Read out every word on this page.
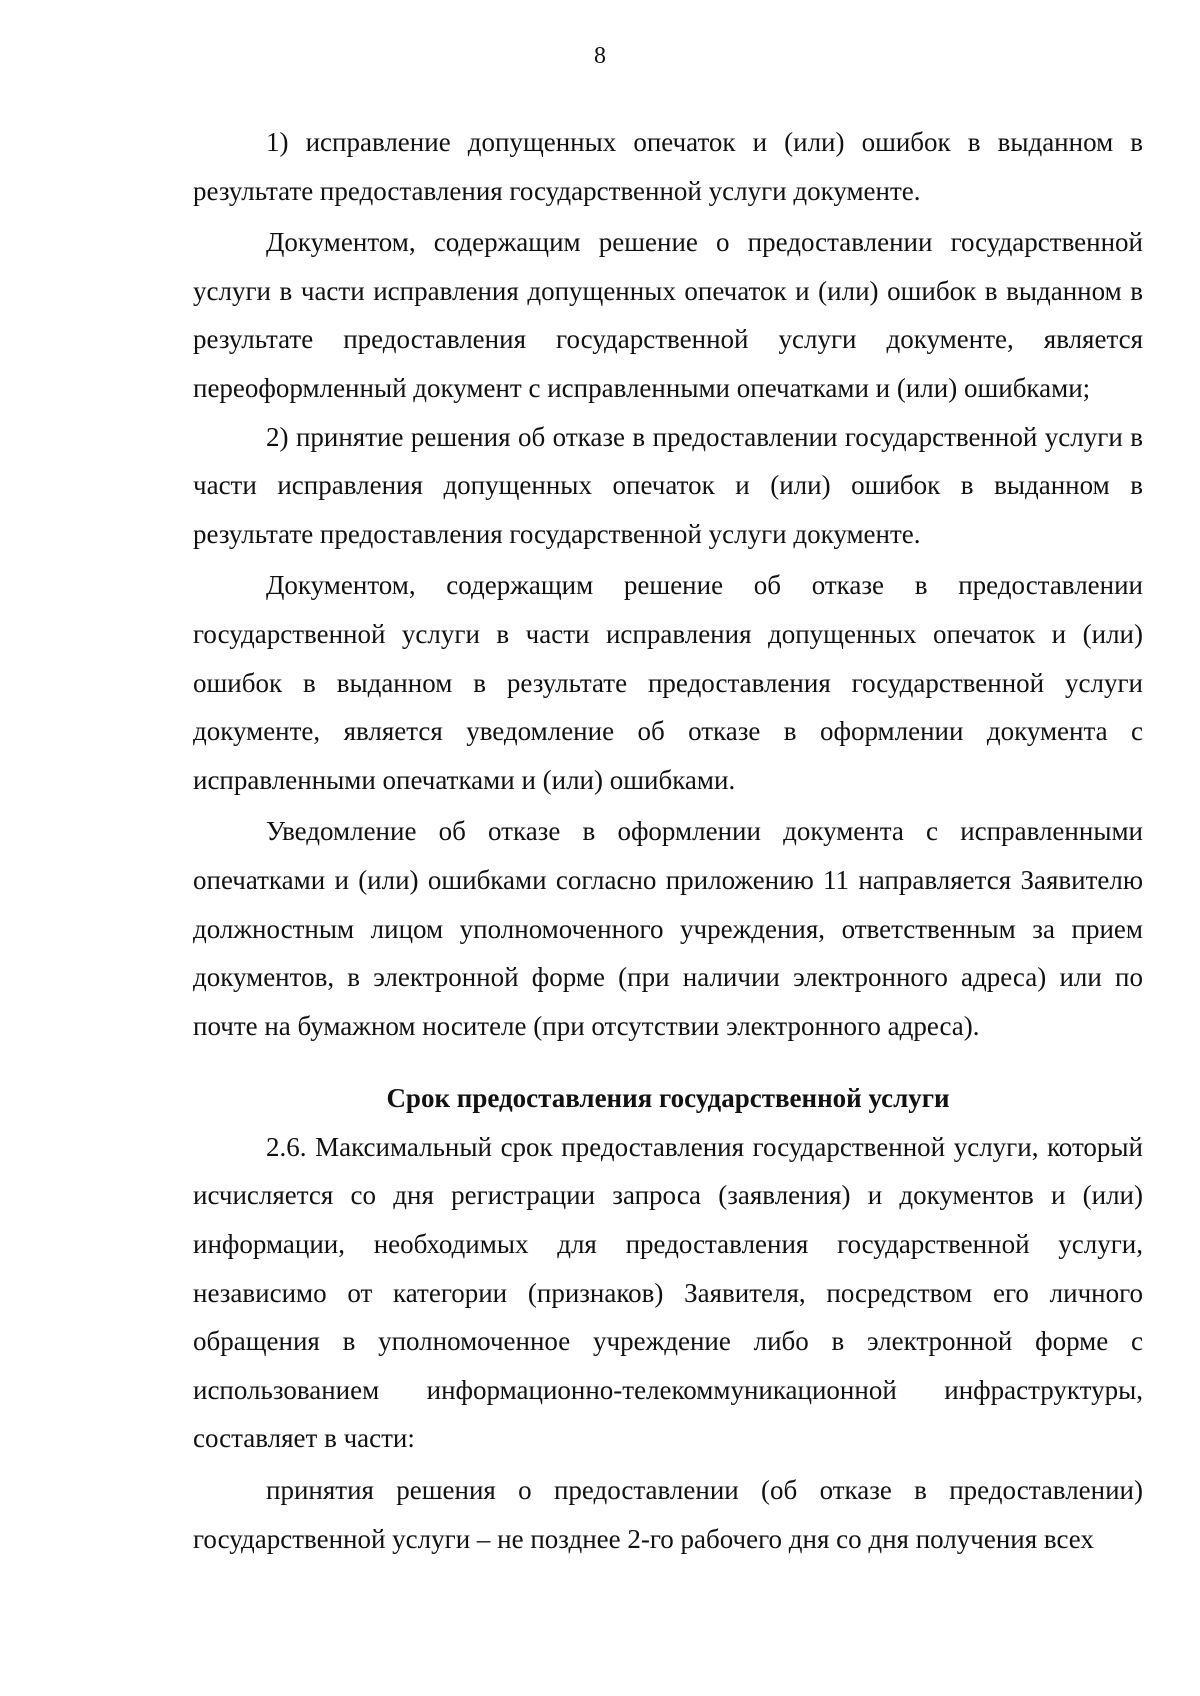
8

1) исправление допущенных опечаток и (или) ошибок в выданном в результате предоставления государственной услуги документе.

Документом, содержащим решение о предоставлении государственной услуги в части исправления допущенных опечаток и (или) ошибок в выданном в результате предоставления государственной услуги документе, является переоформленный документ с исправленными опечатками и (или) ошибками;

2) принятие решения об отказе в предоставлении государственной услуги в части исправления допущенных опечаток и (или) ошибок в выданном в результате предоставления государственной услуги документе.

Документом, содержащим решение об отказе в предоставлении государственной услуги в части исправления допущенных опечаток и (или) ошибок в выданном в результате предоставления государственной услуги документе, является уведомление об отказе в оформлении документа с исправленными опечатками и (или) ошибками.

Уведомление об отказе в оформлении документа с исправленными опечатками и (или) ошибками согласно приложению 11 направляется Заявителю должностным лицом уполномоченного учреждения, ответственным за прием документов, в электронной форме (при наличии электронного адреса) или по почте на бумажном носителе (при отсутствии электронного адреса).

Срок предоставления государственной услуги

2.6. Максимальный срок предоставления государственной услуги, который исчисляется со дня регистрации запроса (заявления) и документов и (или) информации, необходимых для предоставления государственной услуги, независимо от категории (признаков) Заявителя, посредством его личного обращения в уполномоченное учреждение либо в электронной форме с использованием информационно-телекоммуникационной инфраструктуры, составляет в части:

принятия решения о предоставлении (об отказе в предоставлении) государственной услуги – не позднее 2-го рабочего дня со дня получения всех
